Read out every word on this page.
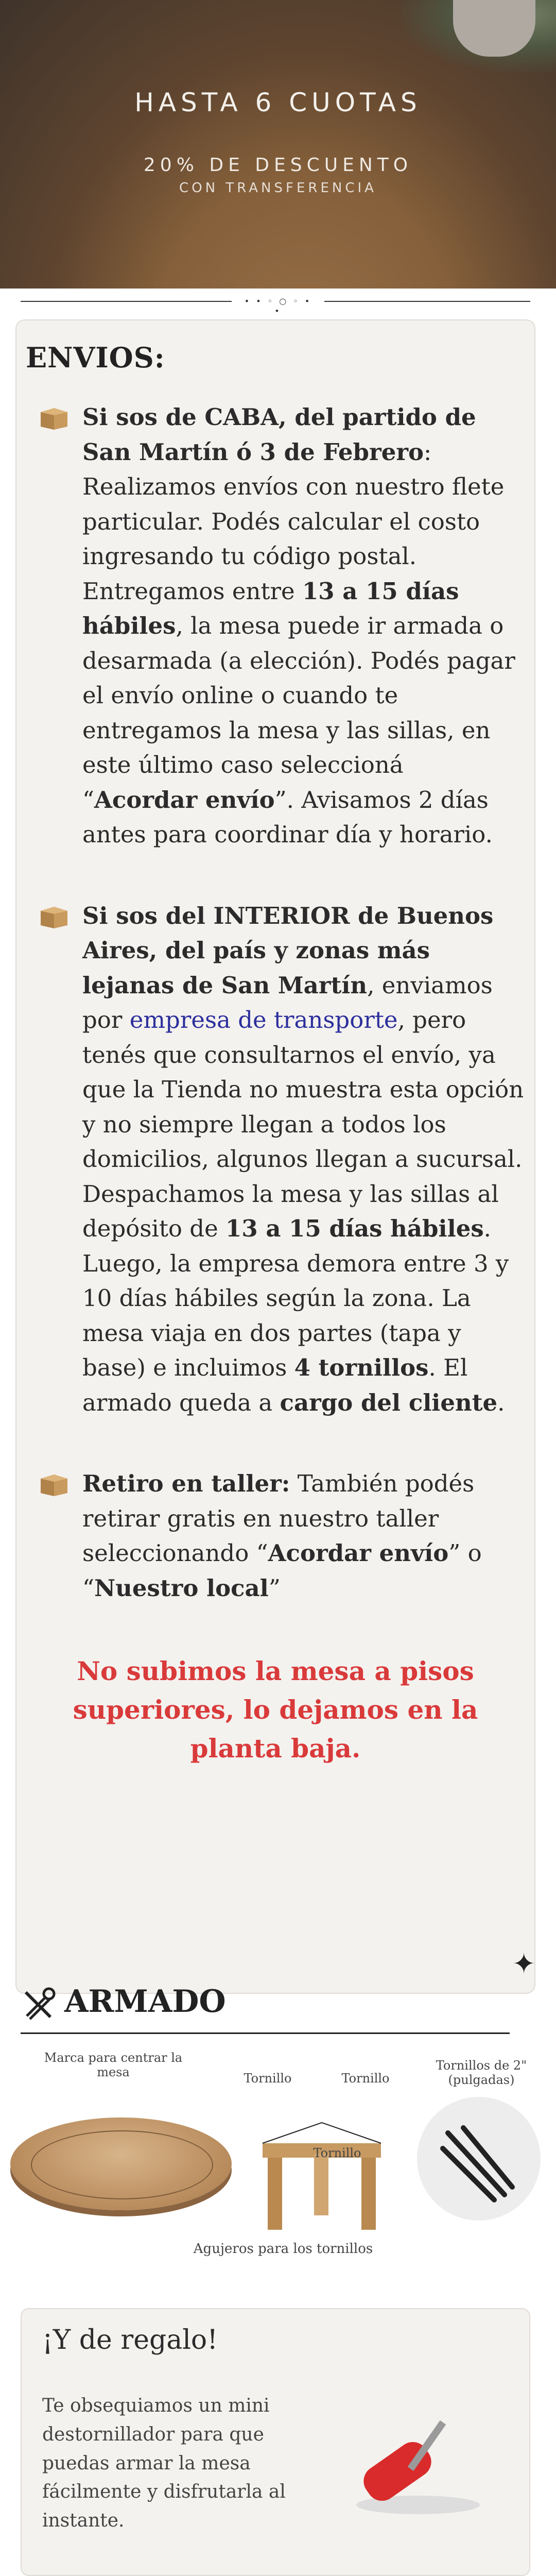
HASTA 6 CUOTAS
20% DE DESCUENTO
CON TRANSFERENCIA
• • ◦ ○ ◦ • •
ENVIOS:
Si sos de CABA, del partido de San Martín ó 3 de Febrero: Realizamos envíos con nuestro flete particular. Podés calcular el costo ingresando tu código postal. Entregamos entre 13 a 15 días hábiles, la mesa puede ir armada o desarmada (a elección). Podés pagar el envío online o cuando te entregamos la mesa y las sillas, en este último caso seleccioná “Acordar envío”. Avisamos 2 días antes para coordinar día y horario.
Si sos del INTERIOR de Buenos Aires, del país y zonas más lejanas de San Martín, enviamos por empresa de transporte, pero tenés que consultarnos el envío, ya que la Tienda no muestra esta opción y no siempre llegan a todos los domicilios, algunos llegan a sucursal. Despachamos la mesa y las sillas al depósito de 13 a 15 días hábiles. Luego, la empresa demora entre 3 y 10 días hábiles según la zona. La mesa viaja en dos partes (tapa y base) e incluimos 4 tornillos. El armado queda a cargo del cliente.
Retiro en taller: También podés retirar gratis en nuestro taller seleccionando “Acordar envío” o “Nuestro local”
No subimos la mesa a pisos superiores, lo dejamos en la planta baja.
ARMADO
✦
Marca para centrar la mesa	Tornillo	Tornillo
Tornillo
Tornillos de 2" (pulgadas)
Agujeros para los tornillos
¡Y de regalo!

Te obsequiamos un mini destornillador para que puedas armar la mesa fácilmente y disfrutarla al instante.
